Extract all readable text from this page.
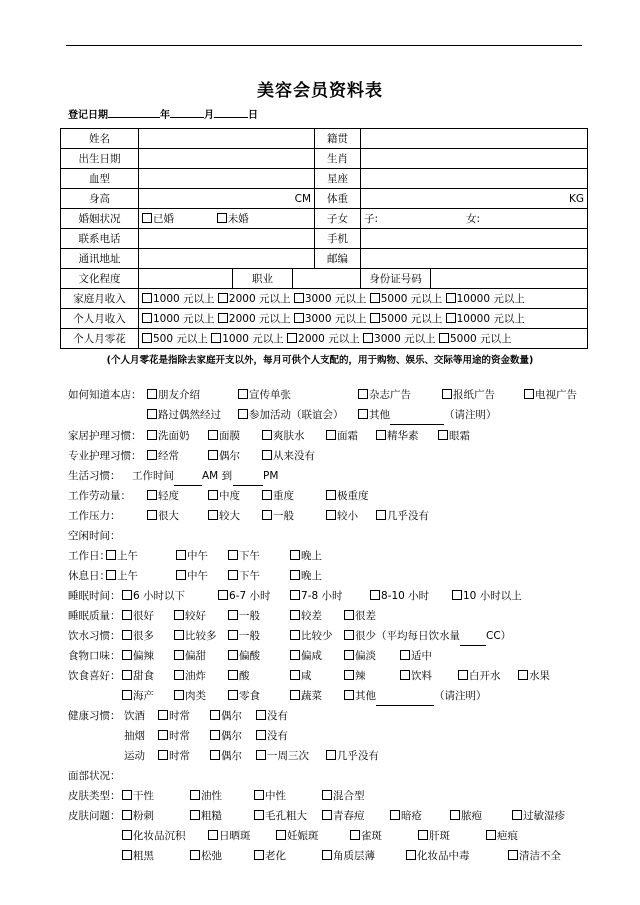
美容会员资料表
登记日期	年	月	日
姓名				籍贯		
出生日期				生肖		
血型				星座		
身高	CM			体重	KG	
婚姻状况	已婚 未婚			子女	子: 女:	
联系电话				手机		
通讯地址				邮编		
文化程度		职业			身份证号码	
家庭月收入	1000 元以上 2000 元以上 3000 元以上 5000 元以上 10000 元以上					
个人月收入	1000 元以上 2000 元以上 3000 元以上 5000 元以上 10000 元以上					
个人月零花	500 元以上 1000 元以上 2000 元以上 3000 元以上 5000 元以上					
(个人月零花是指除去家庭开支以外，每月可供个人支配的，用于购物、娱乐、交际等用途的资金数量)
如何知道本店：	朋友介绍	宣传单张	杂志广告	报纸广告	电视广告
路过偶然经过	参加活动（联谊会）	其他	（请注明）
家居护理习惯：	洗面奶	面膜	爽肤水	面霜	精华素	眼霜
专业护理习惯：	经常	偶尔	从来没有
生活习惯： 工作时间	AM 到	PM
工作劳动量：	轻度	中度	重度	极重度
工作压力：	很大	较大	一般	较小	几乎没有
空闲时间：
工作日： 上午	中午	下午	晚上
休息日： 上午	中午	下午	晚上
睡眠时间：	6 小时以下	6-7 小时	7-8 小时	8-10 小时	10 小时以上
睡眠质量：	很好	较好	一般	较差	很差
饮水习惯：	很多	比较多	一般	比较少	很少（平均每日饮水量 CC）
食物口味：	偏辣	偏甜	偏酸	偏咸	偏淡	适中
饮食喜好：	甜食	油炸	酸	咸	辣	饮料	白开水	水果
海产	肉类	零食	蔬菜	其他	（请注明）
健康习惯： 饮酒	时常	偶尔	没有
抽烟	时常	偶尔	没有
运动	时常	偶尔	一周三次	几乎没有
面部状况：
皮肤类型：	干性	油性	中性	混合型
皮肤问题：	粉刺	粗糙	毛孔粗大	青春痘	暗疮	脓疱	过敏湿疹
化妆品沉积	日晒斑	妊娠斑	雀斑	肝斑	疤痕
粗黑	松弛	老化	角质层薄	化妆品中毒	清洁不全
